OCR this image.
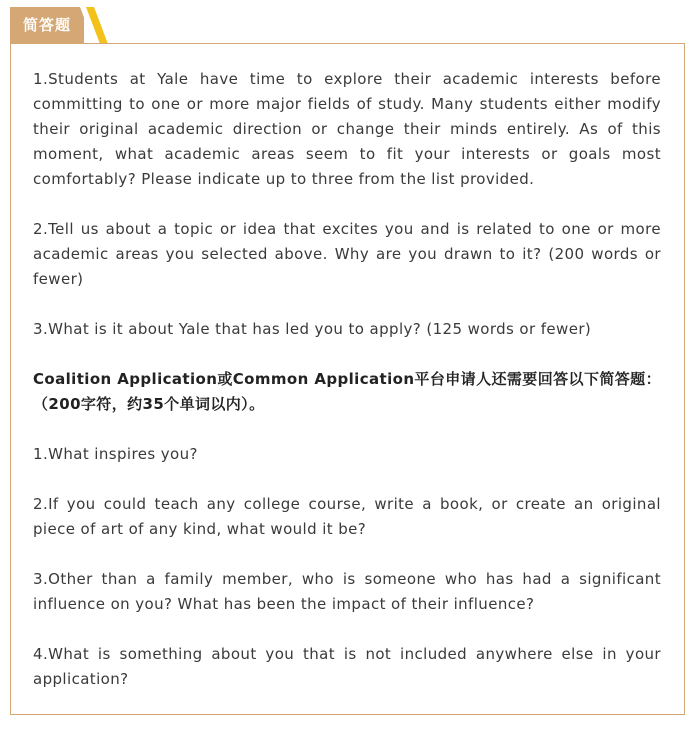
简答题

1.Students at Yale have time to explore their academic interests before committing to one or more major fields of study. Many students either modify their original academic direction or change their minds entirely. As of this moment, what academic areas seem to fit your interests or goals most comfortably? Please indicate up to three from the list provided.

2.Tell us about a topic or idea that excites you and is related to one or more academic areas you selected above. Why are you drawn to it? (200 words or fewer)

3.What is it about Yale that has led you to apply? (125 words or fewer)

Coalition Application或Common Application平台申请人还需要回答以下简答题：（200字符，约35个单词以内）。

1.What inspires you?

2.If you could teach any college course, write a book, or create an original piece of art of any kind, what would it be?

3.Other than a family member, who is someone who has had a significant influence on you? What has been the impact of their influence?

4.What is something about you that is not included anywhere else in your application?
